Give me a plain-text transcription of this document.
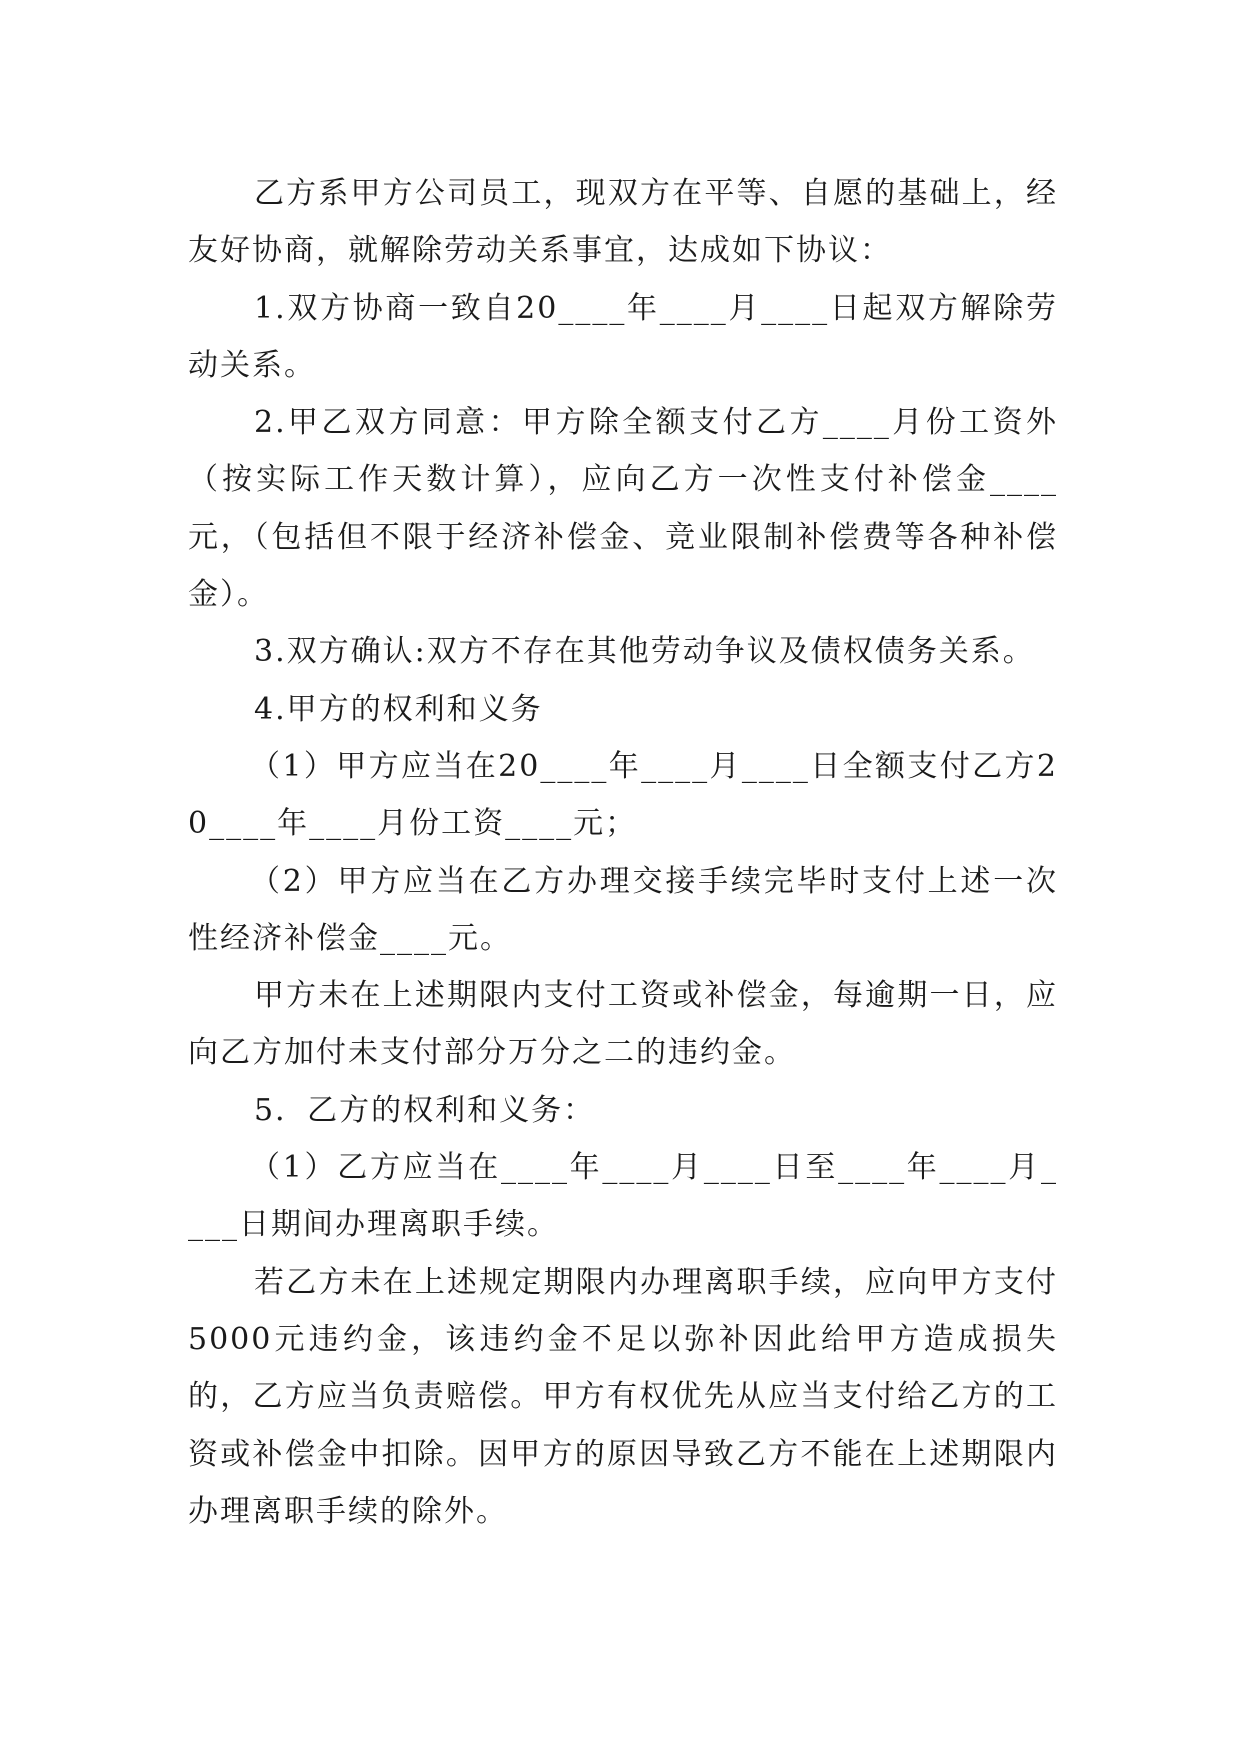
乙方系甲方公司员工，现双方在平等、自愿的基础上，经友好协商，就解除劳动关系事宜，达成如下协议：

1.双方协商一致自20____年____月____日起双方解除劳动关系。

2.甲乙双方同意：甲方除全额支付乙方____月份工资外（按实际工作天数计算），应向乙方一次性支付补偿金____元，（包括但不限于经济补偿金、竞业限制补偿费等各种补偿金）。

3.双方确认:双方不存在其他劳动争议及债权债务关系。

4.甲方的权利和义务

（1）甲方应当在20____年____月____日全额支付乙方20____年____月份工资____元；

（2）甲方应当在乙方办理交接手续完毕时支付上述一次性经济补偿金____元。

甲方未在上述期限内支付工资或补偿金，每逾期一日，应向乙方加付未支付部分万分之二的违约金。

5．乙方的权利和义务：

（1）乙方应当在____年____月____日至____年____月____日期间办理离职手续。

若乙方未在上述规定期限内办理离职手续，应向甲方支付5000元违约金，该违约金不足以弥补因此给甲方造成损失的，乙方应当负责赔偿。甲方有权优先从应当支付给乙方的工资或补偿金中扣除。因甲方的原因导致乙方不能在上述期限内办理离职手续的除外。
